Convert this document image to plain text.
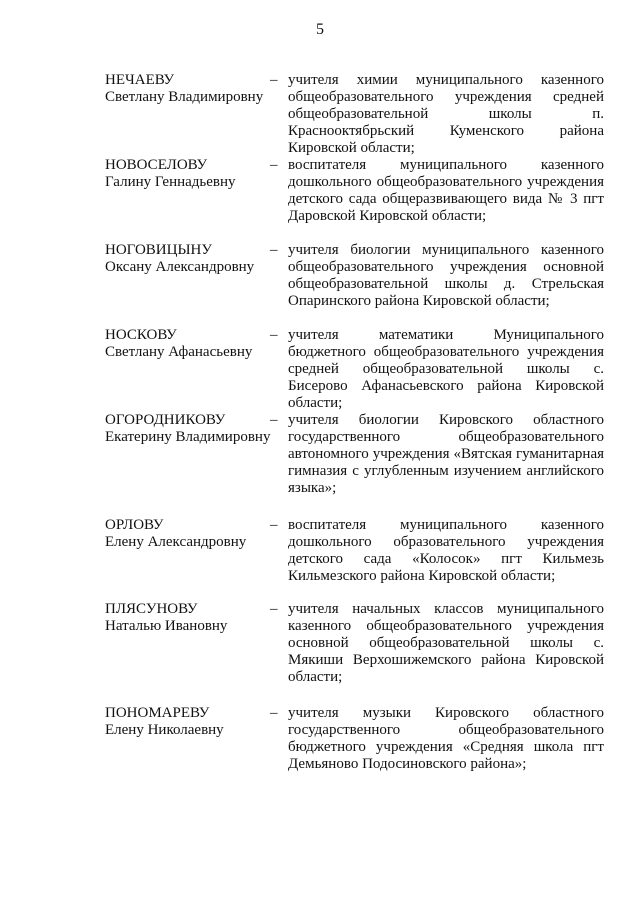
5
НЕЧАЕВУ
Светлану Владимировну
– учителя химии муниципального казенного общеобразовательного учреждения средней общеобразовательной школы п. Краснооктябрьский Куменского района Кировской области;

НОВОСЕЛОВУ
Галину Геннадьевну
– воспитателя муниципального казенного дошкольного общеобразовательного учреждения детского сада общеразвивающего вида № 3 пгт Даровской Кировской области;

НОГОВИЦЫНУ
Оксану Александровну
– учителя биологии муниципального казенного общеобразовательного учреждения основной общеобразовательной школы д. Стрельская Опаринского района Кировской области;

НОСКОВУ
Светлану Афанасьевну
– учителя математики Муниципального бюджетного общеобразовательного учреждения средней общеобразовательной школы с. Бисерово Афанасьевского района Кировской области;

ОГОРОДНИКОВУ
Екатерину Владимировну
– учителя биологии Кировского областного государственного общеобразовательного автономного учреждения «Вятская гуманитарная гимназия с углубленным изучением английского языка»;

ОРЛОВУ
Елену Александровну
– воспитателя муниципального казенного дошкольного образовательного учреждения детского сада «Колосок» пгт Кильмезь Кильмезского района Кировской области;

ПЛЯСУНОВУ
Наталью Ивановну
– учителя начальных классов муниципального казенного общеобразовательного учреждения основной общеобразовательной школы с. Мякиши Верхошижемского района Кировской области;

ПОНОМАРЕВУ
Елену Николаевну
– учителя музыки Кировского областного государственного общеобразовательного бюджетного учреждения «Средняя школа пгт Демьяново Подосиновского района»;
